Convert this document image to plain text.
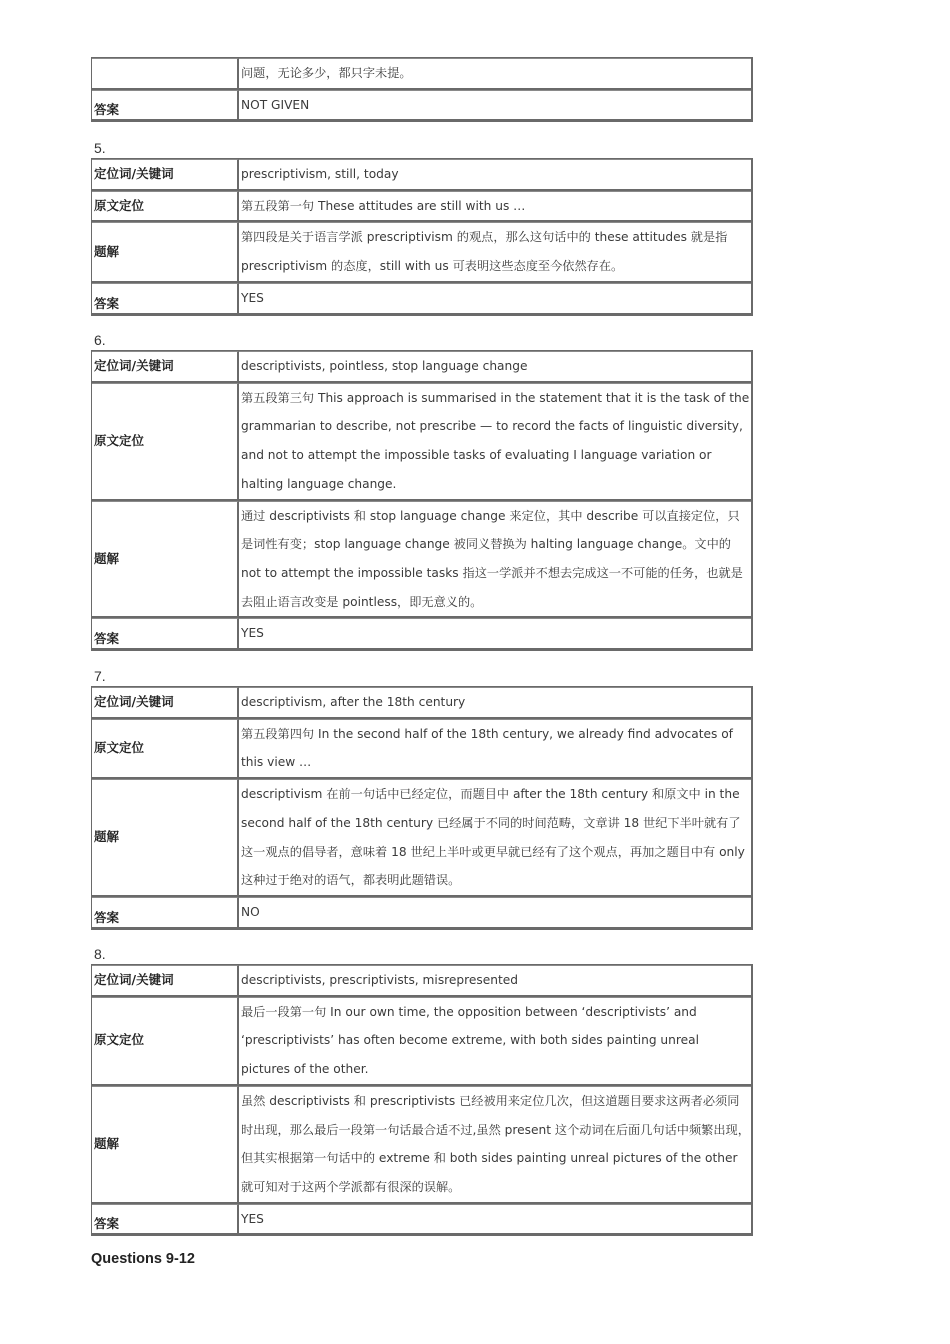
	问题，无论多少，都只字未提。
答案	NOT GIVEN
5.
定位词/关键词	prescriptivism, still, today
原文定位	第五段第一句 These attitudes are still with us …
题解	第四段是关于语言学派 prescriptivism 的观点，那么这句话中的 these attitudes 就是指 prescriptivism 的态度，still with us 可表明这些态度至今依然存在。
答案	YES
6.
定位词/关键词	descriptivists, pointless, stop language change
原文定位	第五段第三句 This approach is summarised in the statement that it is the task of the grammarian to describe, not prescribe — to record the facts of linguistic diversity, and not to attempt the impossible tasks of evaluating I language variation or halting language change.
题解	通过 descriptivists 和 stop language change 来定位，其中 describe 可以直接定位，只是词性有变；stop language change 被同义替换为 halting language change。文中的 not to attempt the impossible tasks 指这一学派并不想去完成这一不可能的任务，也就是去阻止语言改变是 pointless，即无意义的。
答案	YES
7.
定位词/关键词	descriptivism, after the 18th century
原文定位	第五段第四句 In the second half of the 18th century, we already find advocates of this view …
题解	descriptivism 在前一句话中已经定位，而题目中 after the 18th century 和原文中 in the second half of the 18th century 已经属于不同的时间范畴，文章讲 18 世纪下半叶就有了这一观点的倡导者，意味着 18 世纪上半叶或更早就已经有了这个观点，再加之题目中有 only 这种过于绝对的语气，都表明此题错误。
答案	NO
8.
定位词/关键词	descriptivists, prescriptivists, misrepresented
原文定位	最后一段第一句 In our own time, the opposition between ‘descriptivists’ and ‘prescriptivists’ has often become extreme, with both sides painting unreal pictures of the other.
题解	虽然 descriptivists 和 prescriptivists 已经被用来定位几次，但这道题目要求这两者必须同时出现，那么最后一段第一句话最合适不过,虽然 present 这个动词在后面几句话中频繁出现，但其实根据第一句话中的 extreme 和 both sides painting unreal pictures of the other 就可知对于这两个学派都有很深的误解。
答案	YES
Questions 9-12
